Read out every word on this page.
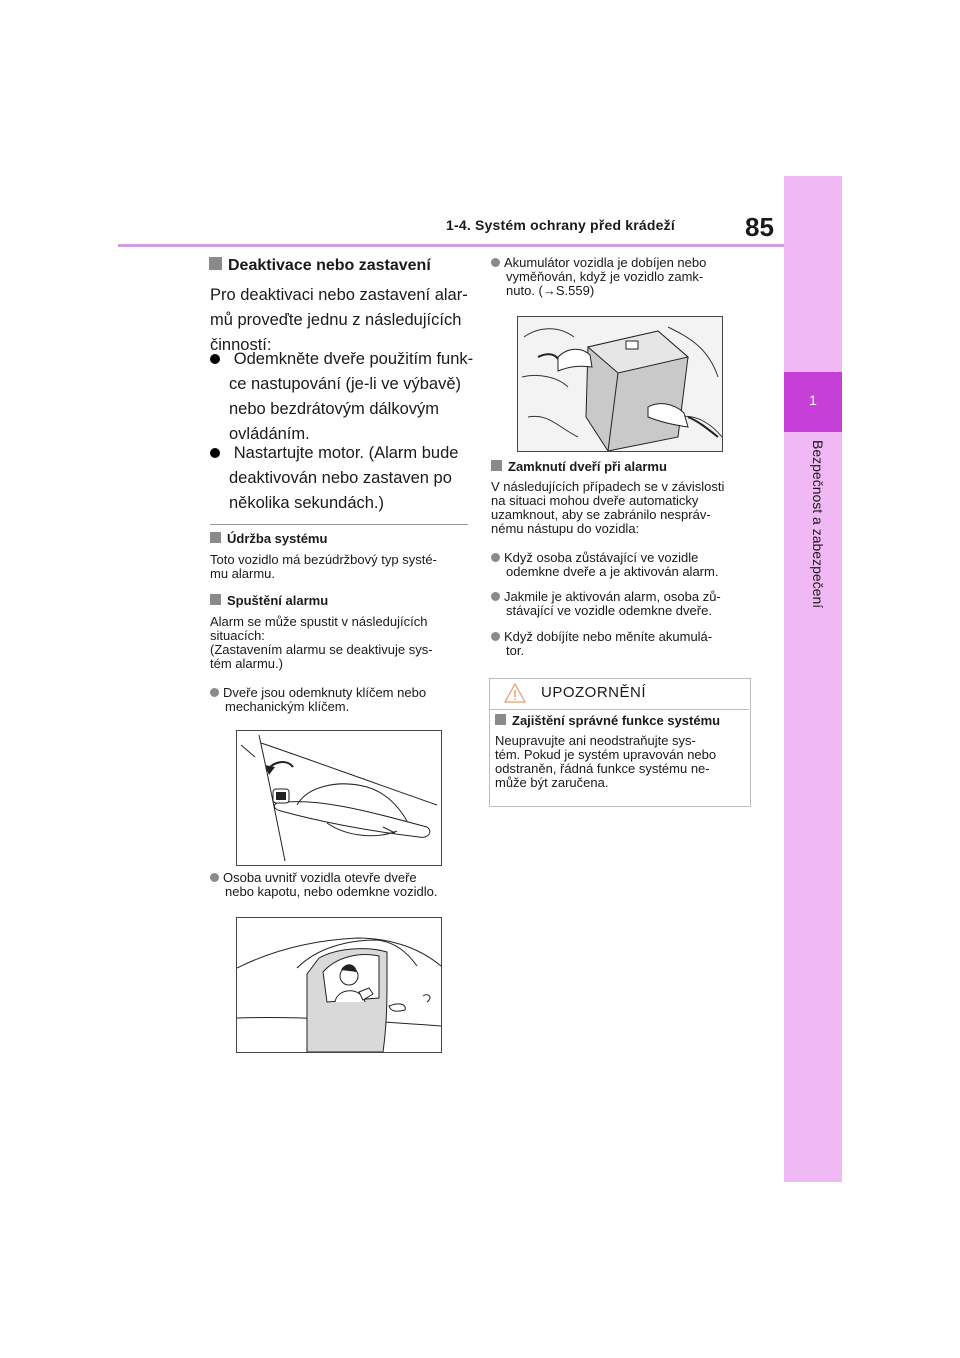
1-4. Systém ochrany před krádeží	85
1
Bezpečnost a zabezpečení
Deaktivace nebo zastavení
Pro deaktivaci nebo zastavení alar-
mů proveďte jednu z následujících
činností:
Odemkněte dveře použitím funk-
ce nastupování (je-li ve výbavě)
nebo bezdrátovým dálkovým
ovládáním.
Nastartujte motor. (Alarm bude
deaktivován nebo zastaven po
několika sekundách.)
Údržba systému
Toto vozidlo má bezúdržbový typ systé-
mu alarmu.
Spuštění alarmu
Alarm se může spustit v následujících
situacích:
(Zastavením alarmu se deaktivuje sys-
tém alarmu.)
Dveře jsou odemknuty klíčem nebo
mechanickým klíčem.
Osoba uvnitř vozidla otevře dveře
nebo kapotu, nebo odemkne vozidlo.
Akumulátor vozidla je dobíjen nebo
vyměňován, když je vozidlo zamk-
nuto. (→S.559)
Zamknutí dveří při alarmu
V následujících případech se v závislosti
na situaci mohou dveře automaticky
uzamknout, aby se zabránilo nespráv-
nému nástupu do vozidla:
Když osoba zůstávající ve vozidle
odemkne dveře a je aktivován alarm.
Jakmile je aktivován alarm, osoba zů-
stávající ve vozidle odemkne dveře.
Když dobíjíte nebo měníte akumulá-
tor.
UPOZORNĚNÍ
Zajištění správné funkce systému
Neupravujte ani neodstraňujte sys-
tém. Pokud je systém upravován nebo
odstraněn, řádná funkce systému ne-
může být zaručena.
